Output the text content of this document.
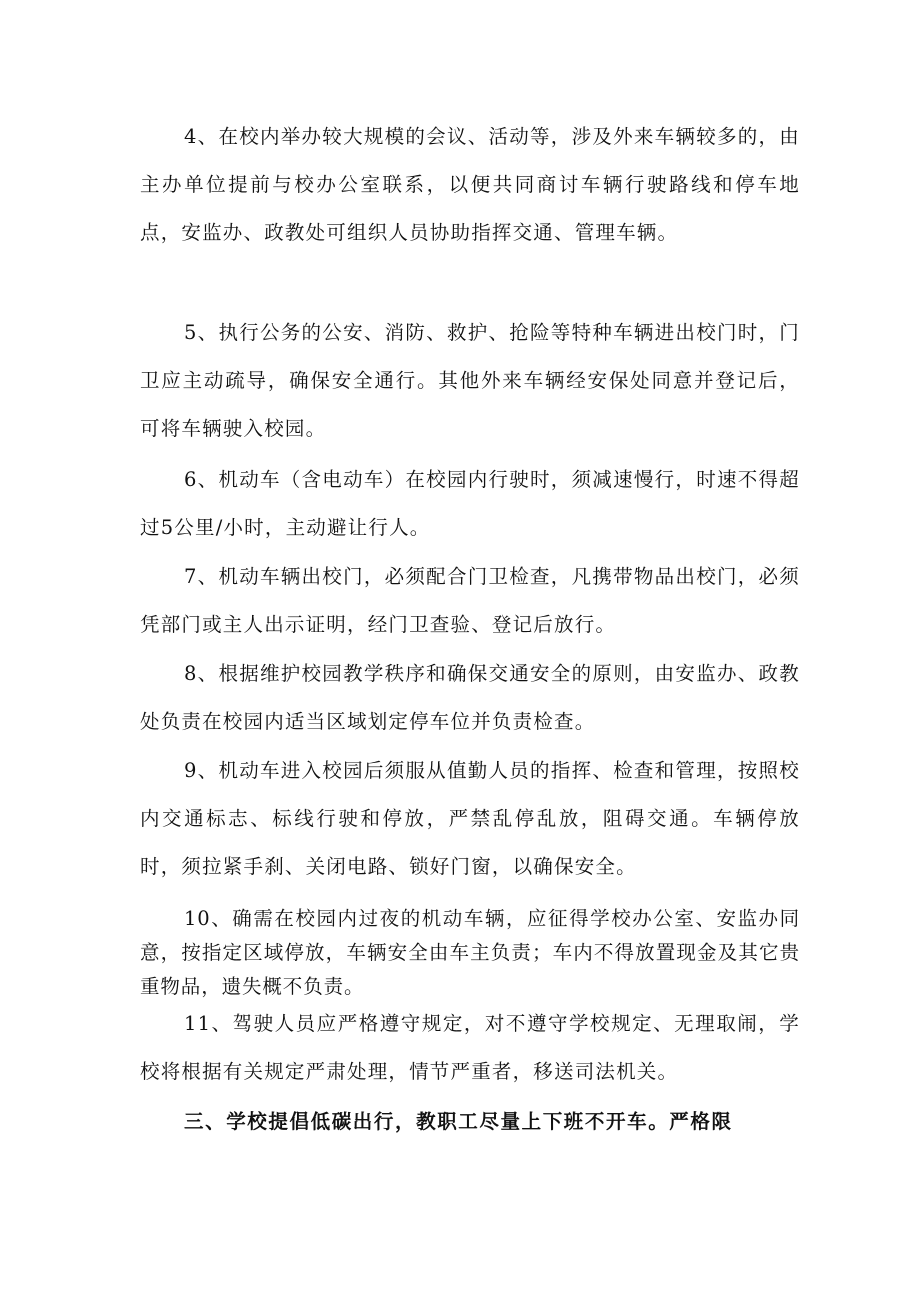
4、在校内举办较大规模的会议、活动等，涉及外来车辆较多的，由主办单位提前与校办公室联系，以便共同商讨车辆行驶路线和停车地点，安监办、政教处可组织人员协助指挥交通、管理车辆。

5、执行公务的公安、消防、救护、抢险等特种车辆进出校门时，门卫应主动疏导，确保安全通行。其他外来车辆经安保处同意并登记后，可将车辆驶入校园。

6、机动车（含电动车）在校园内行驶时，须减速慢行，时速不得超过5公里/小时，主动避让行人。

7、机动车辆出校门，必须配合门卫检查，凡携带物品出校门，必须凭部门或主人出示证明，经门卫查验、登记后放行。

8、根据维护校园教学秩序和确保交通安全的原则，由安监办、政教处负责在校园内适当区域划定停车位并负责检查。

9、机动车进入校园后须服从值勤人员的指挥、检查和管理，按照校内交通标志、标线行驶和停放，严禁乱停乱放，阻碍交通。车辆停放时，须拉紧手刹、关闭电路、锁好门窗，以确保安全。

10、确需在校园内过夜的机动车辆，应征得学校办公室、安监办同意，按指定区域停放，车辆安全由车主负责；车内不得放置现金及其它贵重物品，遗失概不负责。

11、驾驶人员应严格遵守规定，对不遵守学校规定、无理取闹，学校将根据有关规定严肃处理，情节严重者，移送司法机关。

三、学校提倡低碳出行，教职工尽量上下班不开车。严格限
